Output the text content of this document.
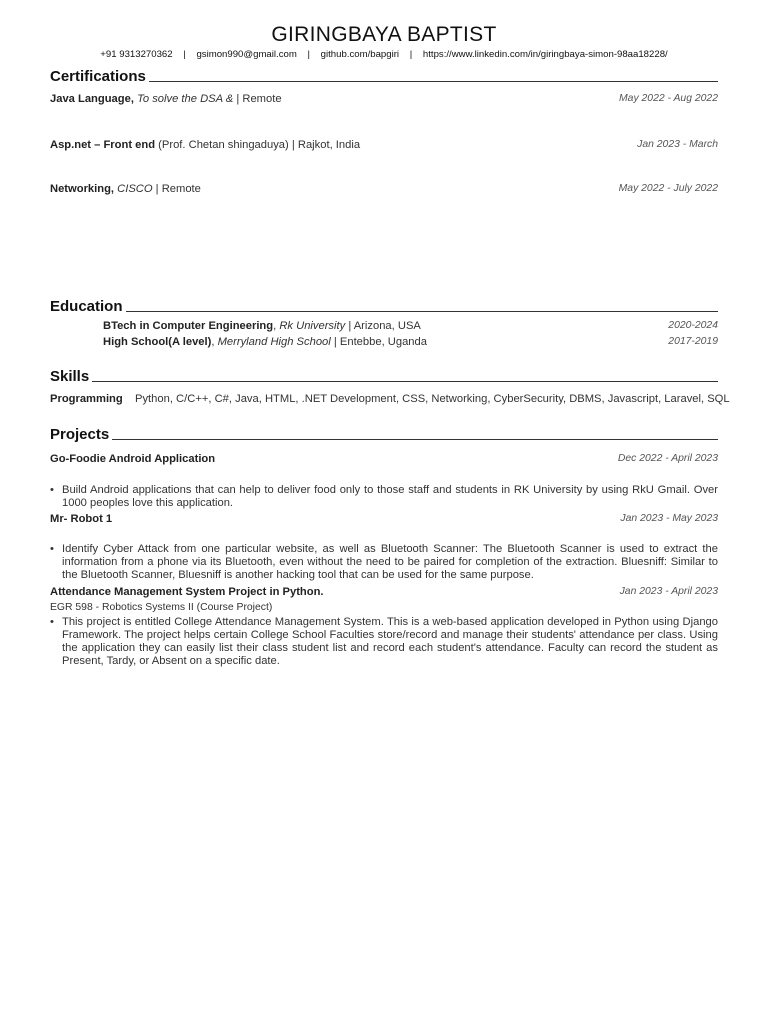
GIRINGBAYA BAPTIST
+91 9313270362 | gsimon990@gmail.com | github.com/bapgiri | https://www.linkedin.com/in/giringbaya-simon-98aa18228/
Certifications
Java Language, To solve the DSA & | Remote	May 2022 - Aug 2022
Asp.net – Front end (Prof. Chetan shingaduya) | Rajkot, India	Jan 2023 - March
Networking, CISCO | Remote	May 2022 - July 2022
Education
BTech in Computer Engineering, Rk University | Arizona, USA	2020-2024
High School(A level), Merryland High School | Entebbe, Uganda	2017-2019
Skills
Programming Python, C/C++, C#, Java, HTML, .NET Development, CSS, Networking, CyberSecurity, DBMS, Javascript, Laravel, SQL
Projects
Go-Foodie Android Application	Dec 2022 - April 2023
• Build Android applications that can help to deliver food only to those staff and students in RK University by using RkU Gmail. Over 1000 peoples love this application.
Mr- Robot 1	Jan 2023 - May 2023
• Identify Cyber Attack from one particular website, as well as Bluetooth Scanner: The Bluetooth Scanner is used to extract the information from a phone via its Bluetooth, even without the need to be paired for completion of the extraction. Bluesniff: Similar to the Bluetooth Scanner, Bluesniff is another hacking tool that can be used for the same purpose.
Attendance Management System Project in Python.	Jan 2023 - April 2023
EGR 598 - Robotics Systems II (Course Project)
• This project is entitled College Attendance Management System. This is a web-based application developed in Python using Django Framework. The project helps certain College School Faculties store/record and manage their students' attendance per class. Using the application they can easily list their class student list and record each student's attendance. Faculty can record the student as Present, Tardy, or Absent on a specific date.
